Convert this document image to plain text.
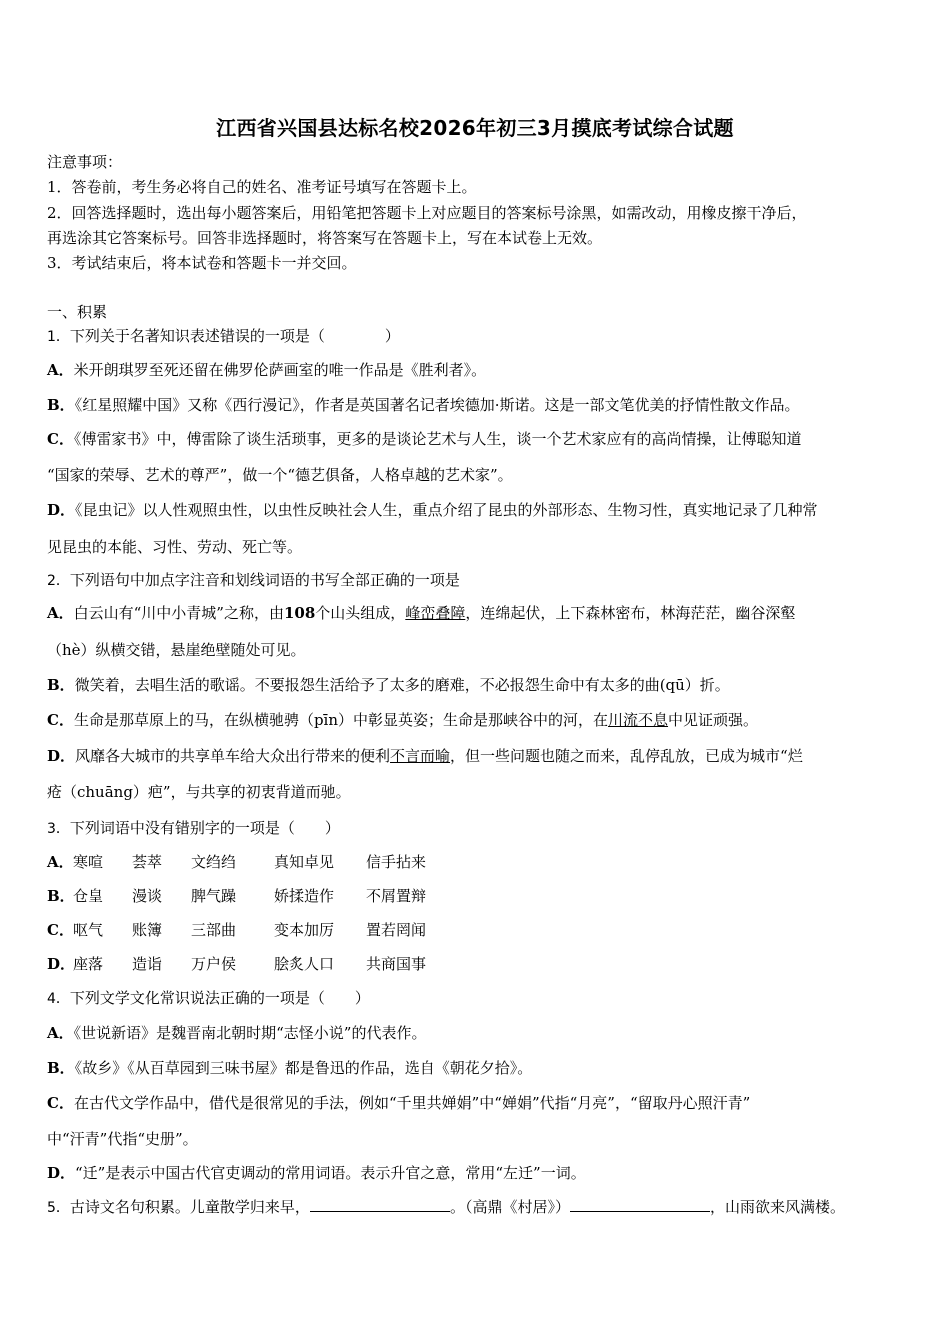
江西省兴国县达标名校2026年初三3月摸底考试综合试题
注意事项：
1．答卷前，考生务必将自己的姓名、准考证号填写在答题卡上。
2．回答选择题时，选出每小题答案后，用铅笔把答题卡上对应题目的答案标号涂黑，如需改动，用橡皮擦干净后，
再选涂其它答案标号。回答非选择题时，将答案写在答题卡上，写在本试卷上无效。
3．考试结束后，将本试卷和答题卡一并交回。
一、积累
1．下列关于名著知识表述错误的一项是（　　　　）
A．米开朗琪罗至死还留在佛罗伦萨画室的唯一作品是《胜利者》。
B．《红星照耀中国》又称《西行漫记》，作者是英国著名记者埃德加·斯诺。这是一部文笔优美的抒情性散文作品。
C．《傅雷家书》中，傅雷除了谈生活琐事，更多的是谈论艺术与人生，谈一个艺术家应有的高尚情操，让傅聪知道
“国家的荣辱、艺术的尊严”，做一个“德艺俱备，人格卓越的艺术家”。
D．《昆虫记》以人性观照虫性，以虫性反映社会人生，重点介绍了昆虫的外部形态、生物习性，真实地记录了几种常
见昆虫的本能、习性、劳动、死亡等。
2．下列语句中加点字注音和划线词语的书写全部正确的一项是
A．白云山有“川中小青城”之称，由108个山头组成，峰峦叠障，连绵起伏，上下森林密布，林海茫茫，幽谷深壑
（hè）纵横交错，悬崖绝壁随处可见。
B．微笑着，去唱生活的歌谣。不要报怨生活给予了太多的磨难，不必报怨生命中有太多的曲(qū）折。
C．生命是那草原上的马，在纵横驰骋（pīn）中彰显英姿；生命是那峡谷中的河，在川流不息中见证顽强。
D．风靡各大城市的共享单车给大众出行带来的便利不言而喻，但一些问题也随之而来，乱停乱放，已成为城市“烂
疮（chuāng）疤”，与共享的初衷背道而驰。
3．下列词语中没有错别字的一项是（　　）
A．寒喧 荟萃 文绉绉	真知卓见 信手拈来
B．仓皇 漫谈 脾气躁	娇揉造作 不屑置辩
C．呕气 账簿 三部曲	变本加厉 置若罔闻
D．座落 造诣 万户侯	脍炙人口 共商国事
4．下列文学文化常识说法正确的一项是（　　）
A．《世说新语》是魏晋南北朝时期“志怪小说”的代表作。
B．《故乡》《从百草园到三味书屋》都是鲁迅的作品，选自《朝花夕拾》。
C．在古代文学作品中，借代是很常见的手法，例如“千里共婵娟”中“婵娟”代指“月亮”，“留取丹心照汗青”
中“汗青”代指“史册”。
D．“迁”是表示中国古代官吏调动的常用词语。表示升官之意，常用“左迁”一词。
5．古诗文名句积累。儿童散学归来早，	。（高鼎《村居》）	，山雨欲来风满楼。
